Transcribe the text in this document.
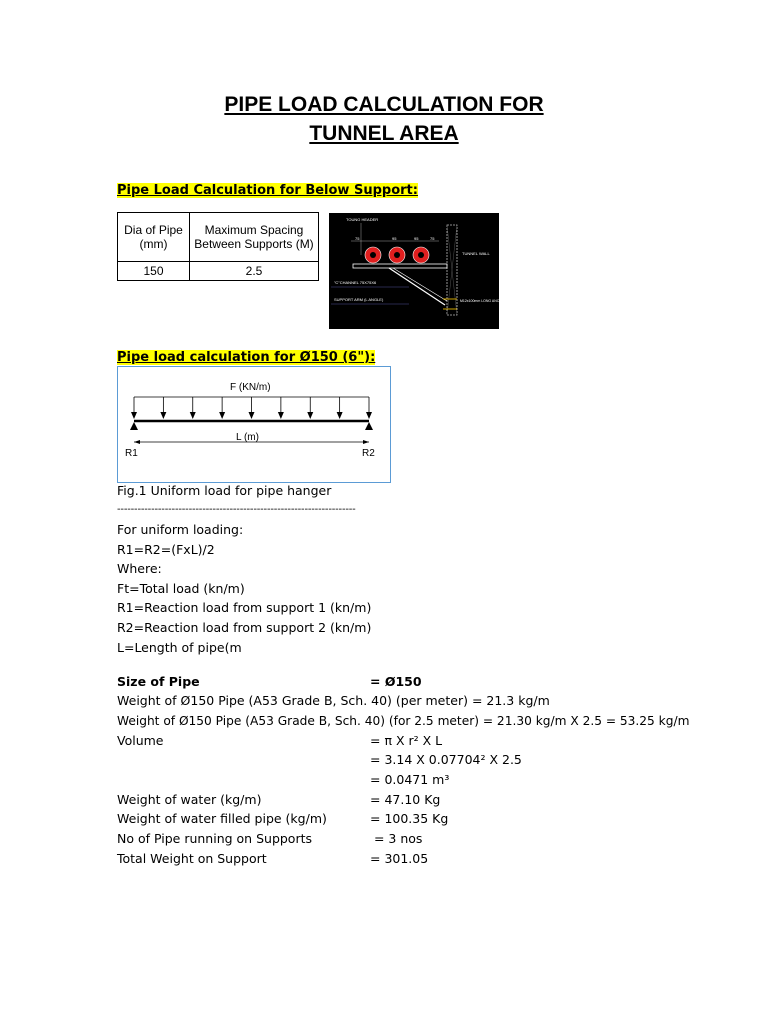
PIPE LOAD CALCULATION FOR
TUNNEL AREA
Pipe Load Calculation for Below Support:
Dia of Pipe (mm)	Maximum Spacing Between Supports (M)
150	2.5
TOUNG HEADER
75	95	95	75
TUNNEL WALL
"C"CHANNEL 75X75X6
SUPPORT ARM (L ANGLE)	M12x100mm LONG ANCHOR FASTNER
Pipe load calculation for Ø150 (6"):
F (KN/m)
L (m)
R1	R2
Fig.1 Uniform load for pipe hanger
----------------------------------------------------------------------
For uniform loading:
R1=R2=(FxL)/2
Where:
Ft=Total load (kn/m)
R1=Reaction load from support 1 (kn/m)
R2=Reaction load from support 2 (kn/m)
L=Length of pipe(m
Size of Pipe	= Ø150
Weight of Ø150 Pipe (A53 Grade B, Sch. 40) (per meter) = 21.3 kg/m
Weight of Ø150 Pipe (A53 Grade B, Sch. 40) (for 2.5 meter) = 21.30 kg/m X 2.5 = 53.25 kg/m
Volume	= π X r² X L
= 3.14 X 0.07704² X 2.5
= 0.0471 m³
Weight of water (kg/m)	= 47.10 Kg
Weight of water filled pipe (kg/m)	= 100.35 Kg
No of Pipe running on Supports	= 3 nos
Total Weight on Support	= 301.05
